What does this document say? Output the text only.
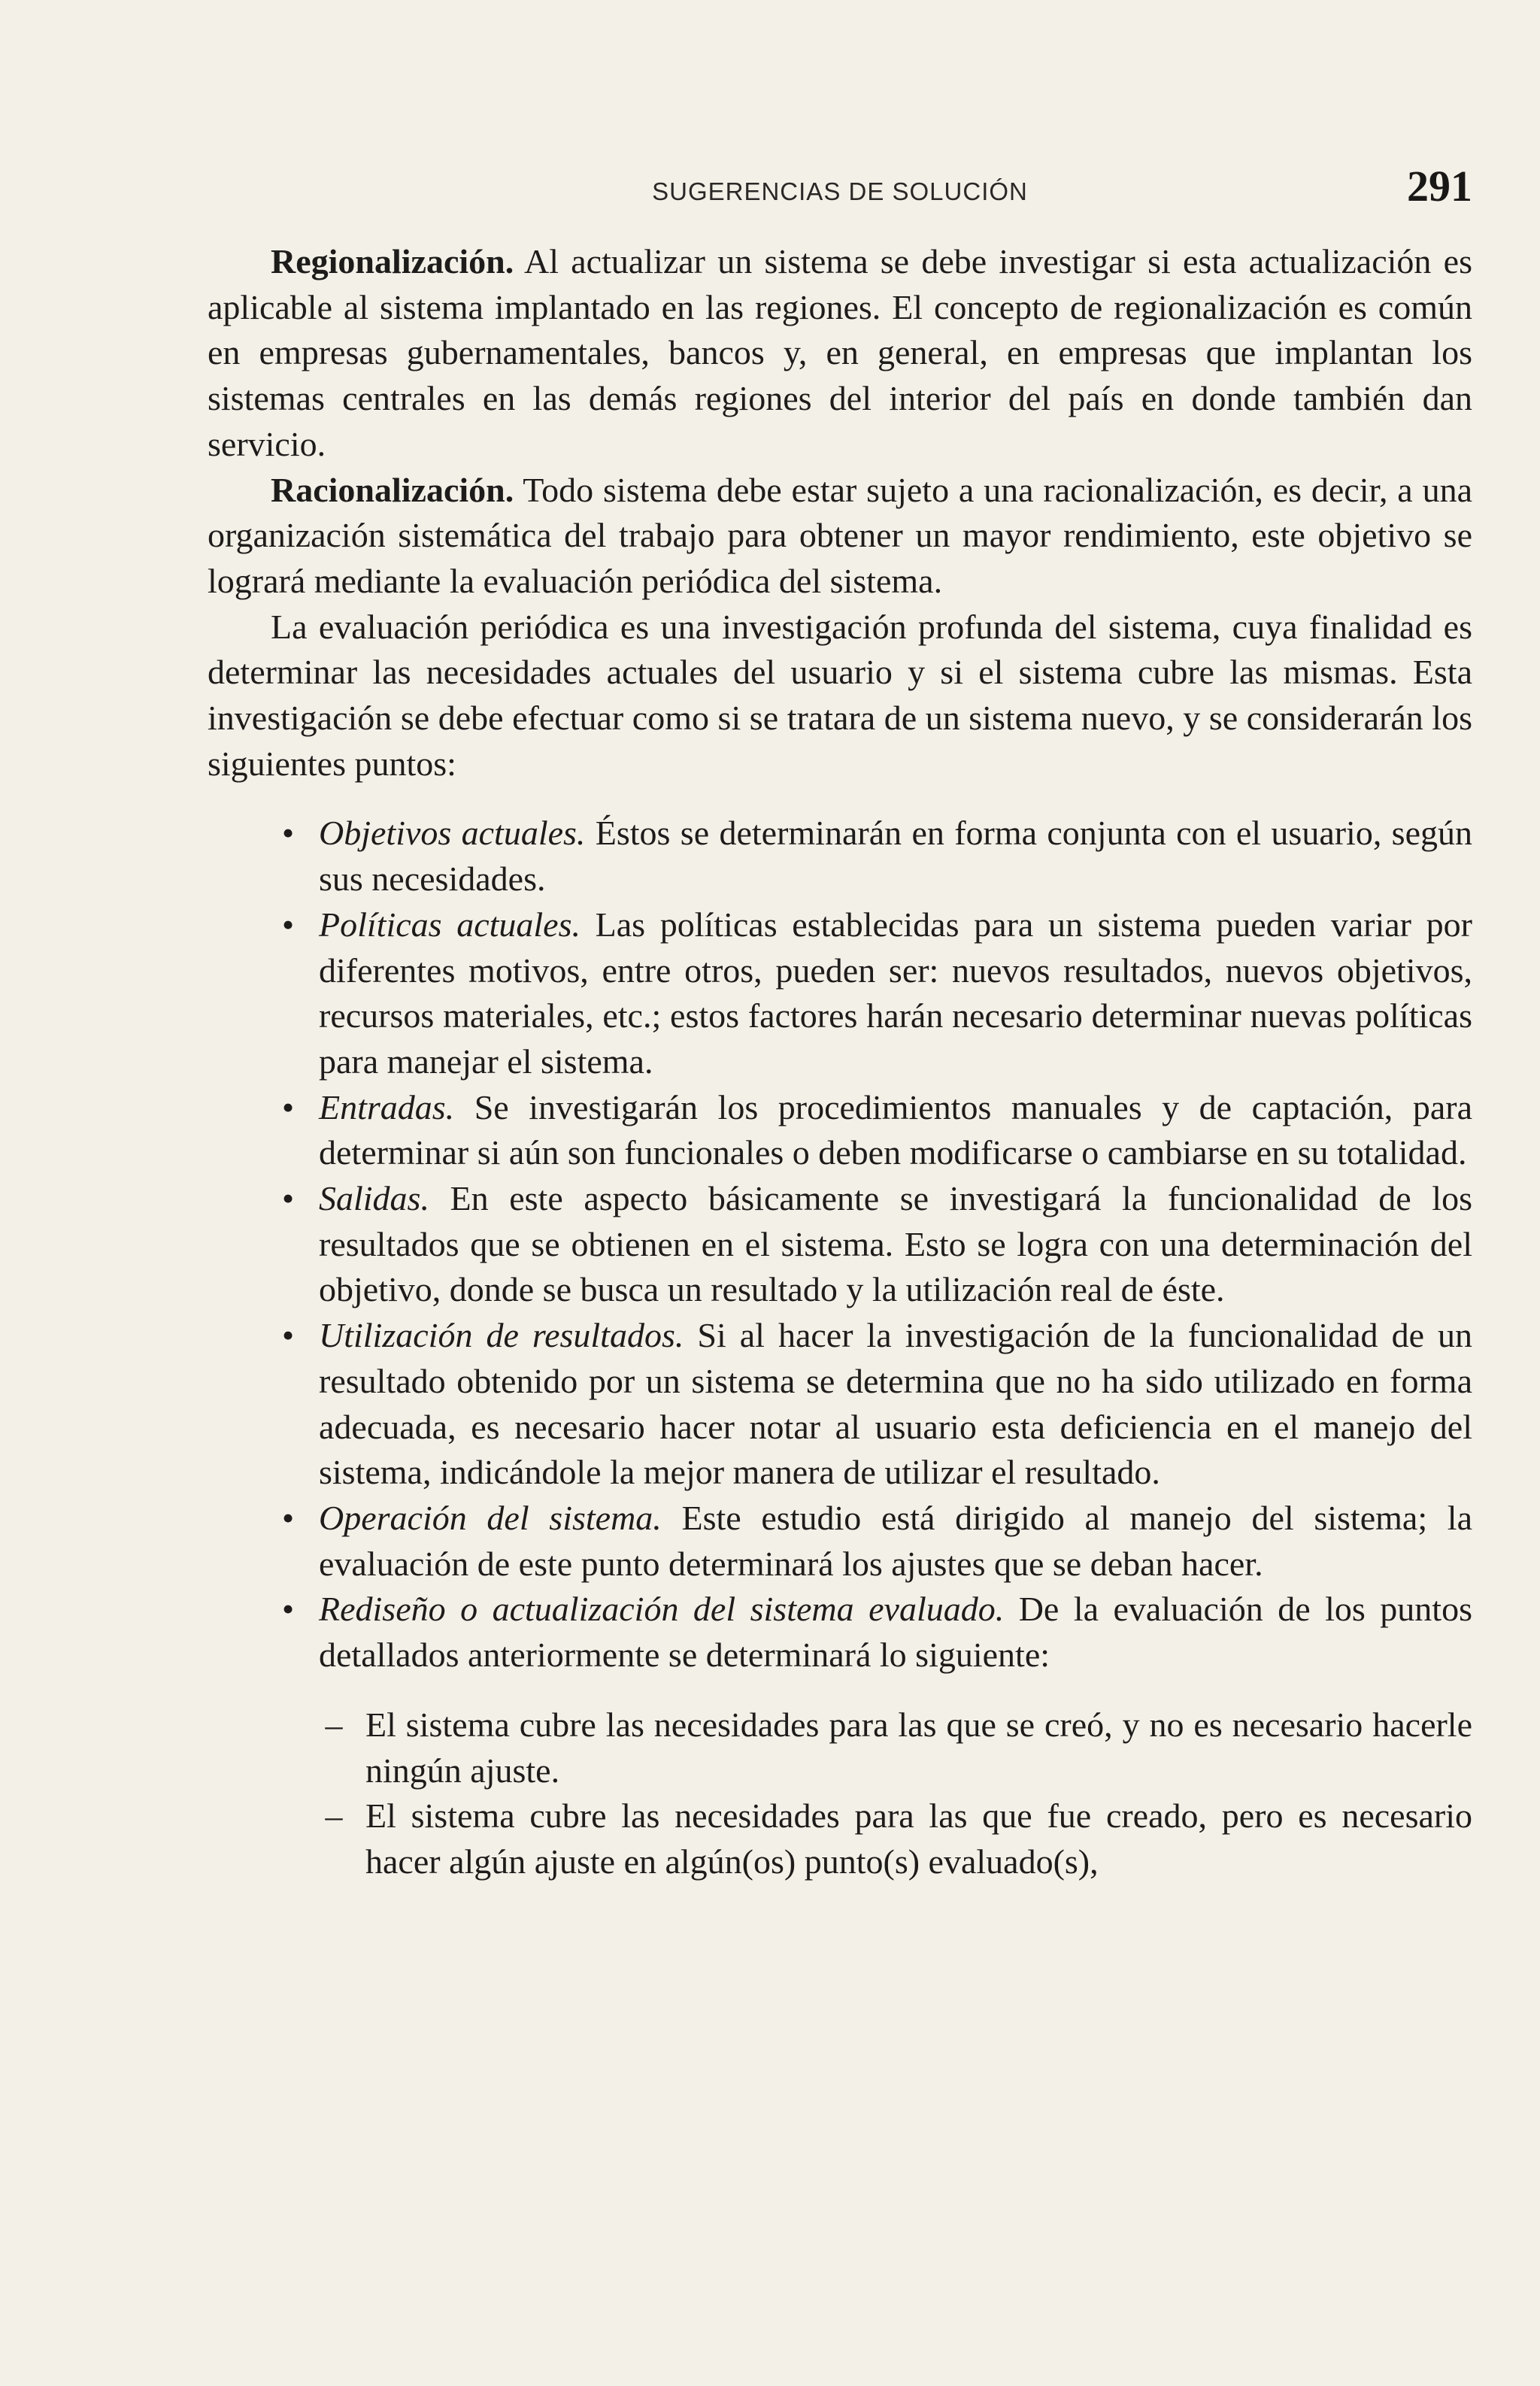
SUGERENCIAS DE SOLUCIÓN	291

Regionalización. Al actualizar un sistema se debe investigar si esta actualización es aplicable al sistema implantado en las regiones. El concepto de regionalización es común en empresas gubernamentales, bancos y, en general, en empresas que implantan los sistemas centrales en las demás regiones del interior del país en donde también dan servicio.

Racionalización. Todo sistema debe estar sujeto a una racionalización, es decir, a una organización sistemática del trabajo para obtener un mayor rendimiento, este objetivo se logrará mediante la evaluación periódica del sistema.

La evaluación periódica es una investigación profunda del sistema, cuya finalidad es determinar las necesidades actuales del usuario y si el sistema cubre las mismas. Esta investigación se debe efectuar como si se tratara de un sistema nuevo, y se considerarán los siguientes puntos:

• Objetivos actuales. Éstos se determinarán en forma conjunta con el usuario, según sus necesidades.
• Políticas actuales. Las políticas establecidas para un sistema pueden variar por diferentes motivos, entre otros, pueden ser: nuevos resultados, nuevos objetivos, recursos materiales, etc.; estos factores harán necesario determinar nuevas políticas para manejar el sistema.
• Entradas. Se investigarán los procedimientos manuales y de captación, para determinar si aún son funcionales o deben modificarse o cambiarse en su totalidad.
• Salidas. En este aspecto básicamente se investigará la funcionalidad de los resultados que se obtienen en el sistema. Esto se logra con una determinación del objetivo, donde se busca un resultado y la utilización real de éste.
• Utilización de resultados. Si al hacer la investigación de la funcionalidad de un resultado obtenido por un sistema se determina que no ha sido utilizado en forma adecuada, es necesario hacer notar al usuario esta deficiencia en el manejo del sistema, indicándole la mejor manera de utilizar el resultado.
• Operación del sistema. Este estudio está dirigido al manejo del sistema; la evaluación de este punto determinará los ajustes que se deban hacer.
• Rediseño o actualización del sistema evaluado. De la evaluación de los puntos detallados anteriormente se determinará lo siguiente:
– El sistema cubre las necesidades para las que se creó, y no es necesario hacerle ningún ajuste.
– El sistema cubre las necesidades para las que fue creado, pero es necesario hacer algún ajuste en algún(os) punto(s) evaluado(s),
